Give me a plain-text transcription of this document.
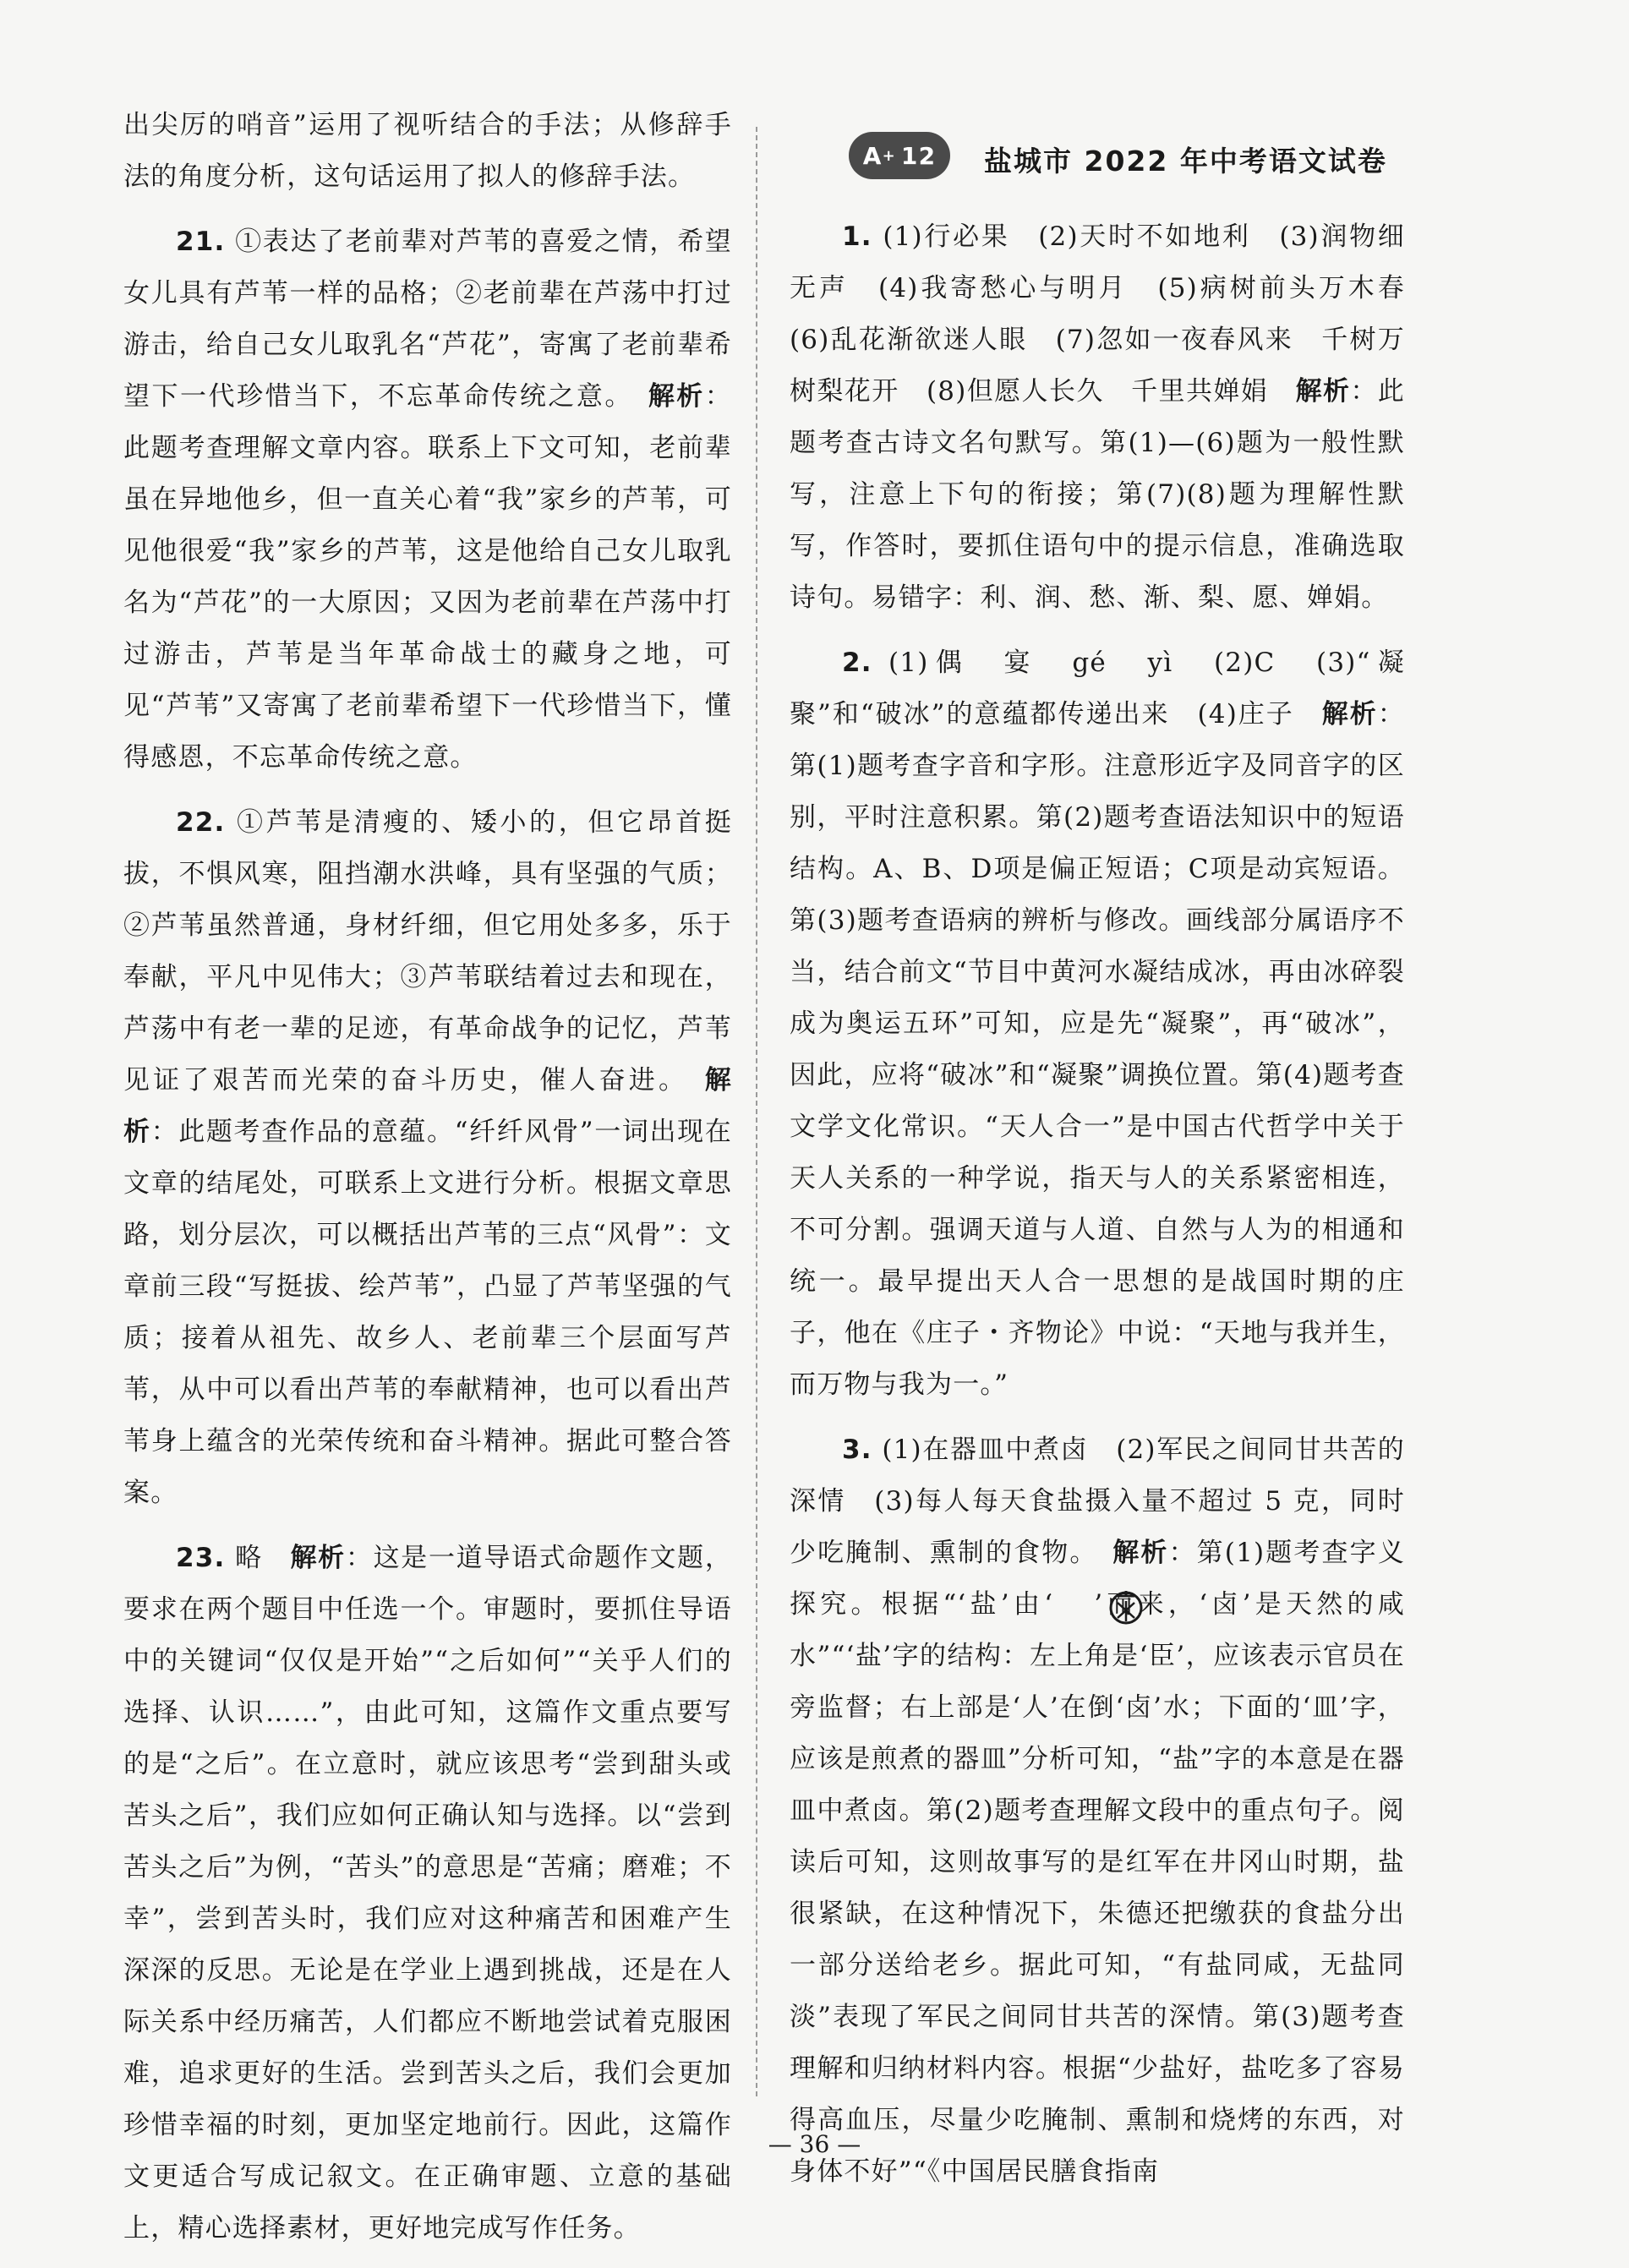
出尖厉的哨音”运用了视听结合的手法；从修辞手法的角度分析，这句话运用了拟人的修辞手法。

21. ①表达了老前辈对芦苇的喜爱之情，希望女儿具有芦苇一样的品格；②老前辈在芦荡中打过游击，给自己女儿取乳名“芦花”，寄寓了老前辈希望下一代珍惜当下，不忘革命传统之意。　 解析：此题考查理解文章内容。联系上下文可知，老前辈虽在异地他乡，但一直关心着“我”家乡的芦苇，可见他很爱“我”家乡的芦苇，这是他给自己女儿取乳名为“芦花”的一大原因；又因为老前辈在芦荡中打过游击，芦苇是当年革命战士的藏身之地，可见“芦苇”又寄寓了老前辈希望下一代珍惜当下，懂得感恩，不忘革命传统之意。

22. ①芦苇是清瘦的、矮小的，但它昂首挺拔，不惧风寒，阻挡潮水洪峰，具有坚强的气质；②芦苇虽然普通，身材纤细，但它用处多多，乐于奉献，平凡中见伟大；③芦苇联结着过去和现在，芦荡中有老一辈的足迹，有革命战争的记忆，芦苇见证了艰苦而光荣的奋斗历史，催人奋进。　 解析：此题考查作品的意蕴。“纤纤风骨”一词出现在文章的结尾处，可联系上文进行分析。根据文章思路，划分层次，可以概括出芦苇的三点“风骨”：文章前三段“写挺拔、绘芦苇”，凸显了芦苇坚强的气质；接着从祖先、故乡人、老前辈三个层面写芦苇，从中可以看出芦苇的奉献精神，也可以看出芦苇身上蕴含的光荣传统和奋斗精神。据此可整合答案。

23. 略　 解析：这是一道导语式命题作文题，要求在两个题目中任选一个。审题时，要抓住导语中的关键词“仅仅是开始”“之后如何”“关乎人们的选择、认识……”，由此可知，这篇作文重点要写的是“之后”。在立意时，就应该思考“尝到甜头或苦头之后”，我们应如何正确认知与选择。以“尝到苦头之后”为例，“苦头”的意思是“苦痛；磨难；不幸”，尝到苦头时，我们应对这种痛苦和困难产生深深的反思。无论是在学业上遇到挑战，还是在人际关系中经历痛苦，人们都应不断地尝试着克服困难，追求更好的生活。尝到苦头之后，我们会更加珍惜幸福的时刻，更加坚定地前行。因此，这篇作文更适合写成记叙文。在正确审题、立意的基础上，精心选择素材，更好地完成写作任务。

A + 12 盐城市 2022 年中考语文试卷

1. (1)行必果　(2)天时不如地利　(3)润物细无声　(4)我寄愁心与明月　(5)病树前头万木春　(6)乱花渐欲迷人眼　(7)忽如一夜春风来　千树万树梨花开　(8)但愿人长久　千里共婵娟　 解析：此题考查古诗文名句默写。第(1)—(6)题为一般性默写，注意上下句的衔接；第(7)(8)题为理解性默写，作答时，要抓住语句中的提示信息，准确选取诗句。易错字：利、润、愁、渐、梨、愿、婵娟。

2. (1)偶　宴　gé　yì　(2)C　(3)“凝聚”和“破冰”的意蕴都传递出来　(4)庄子　 解析：第(1)题考查字音和字形。注意形近字及同音字的区别，平时注意积累。第(2)题考查语法知识中的短语结构。A、B、D项是偏正短语；C项是动宾短语。第(3)题考查语病的辨析与修改。画线部分属语序不当，结合前文“节目中黄河水凝结成冰，再由冰碎裂成为奥运五环”可知，应是先“凝聚”，再“破冰”，因此，应将“破冰”和“凝聚”调换位置。第(4)题考查文学文化常识。“天人合一”是中国古代哲学中关于天人关系的一种学说，指天与人的关系紧密相连，不可分割。强调天道与人道、自然与人为的相通和统一。最早提出天人合一思想的是战国时期的庄子，他在《庄子・齐物论》中说：“天地与我并生，而万物与我为一。”

3. (1)在器皿中煮卤　(2)军民之间同甘共苦的深情　(3)每人每天食盐摄入量不超过 5 克，同时少吃腌制、熏制的食物。　 解析：第(1)题考查字义探究。根据“‘盐’由‘ ’而来，‘卤’是天然的咸水”“‘盐’字的结构：左上角是‘臣’，应该表示官员在旁监督；右上部是‘人’在倒‘卤’水；下面的‘皿’字，应该是煎煮的器皿”分析可知，“盐”字的本意是在器皿中煮卤。第(2)题考查理解文段中的重点句子。阅读后可知，这则故事写的是红军在井冈山时期，盐很紧缺，在这种情况下，朱德还把缴获的食盐分出一部分送给老乡。据此可知，“有盐同咸，无盐同淡”表现了军民之间同甘共苦的深情。第(3)题考查理解和归纳材料内容。根据“少盐好，盐吃多了容易得高血压，尽量少吃腌制、熏制和烧烤的东西，对身体不好”“《中国居民膳食指南

— 36 —
